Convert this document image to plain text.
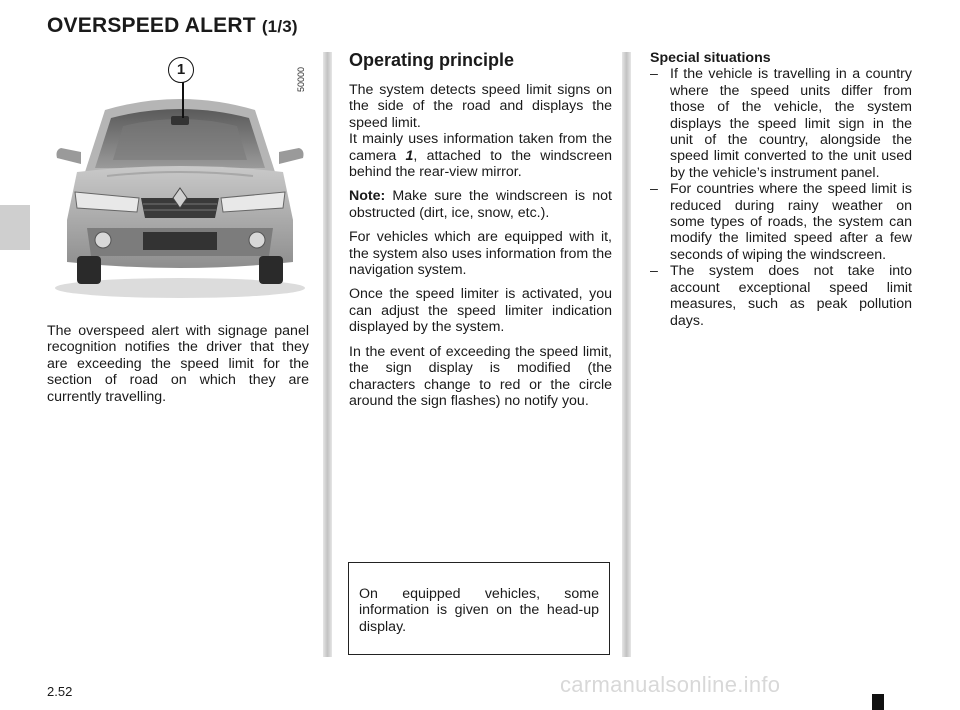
OVERSPEED ALERT (1/3)
1	50000

The overspeed alert with signage panel recognition notifies the driver that they are exceeding the speed limit for the section of road on which they are currently travelling.

Operating principle

The system detects speed limit signs on the side of the road and displays the speed limit.

It mainly uses information taken from the camera 1, attached to the windscreen behind the rear-view mirror.

Note: Make sure the windscreen is not obstructed (dirt, ice, snow, etc.).

For vehicles which are equipped with it, the system also uses information from the navigation system.

Once the speed limiter is activated, you can adjust the speed limiter indication displayed by the system.

In the event of exceeding the speed limit, the sign display is modified (the characters change to red or the circle around the sign flashes) no notify you.

On equipped vehicles, some information is given on the head-up display.

Special situations
– If the vehicle is travelling in a country where the speed units differ from those of the vehicle, the system displays the speed limit sign in the unit of the country, alongside the speed limit converted to the unit used by the vehicle’s instrument panel.
– For countries where the speed limit is reduced during rainy weather on some types of roads, the system can modify the limited speed after a few seconds of wiping the windscreen.
– The system does not take into account exceptional speed limit measures, such as peak pollution days.
2.52	carmanualsonline.info
